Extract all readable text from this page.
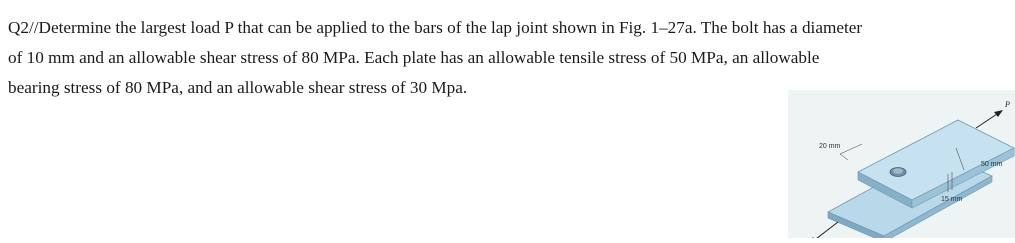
Q2//Determine the largest load P that can be applied to the bars of the lap joint shown in Fig. 1–27a. The bolt has a diameter
of 10 mm and an allowable shear stress of 80 MPa. Each plate has an allowable tensile stress of 50 MPa, an allowable
bearing stress of 80 MPa, and an allowable shear stress of 30 Mpa.
P
20 mm
50 mm
15 mm
